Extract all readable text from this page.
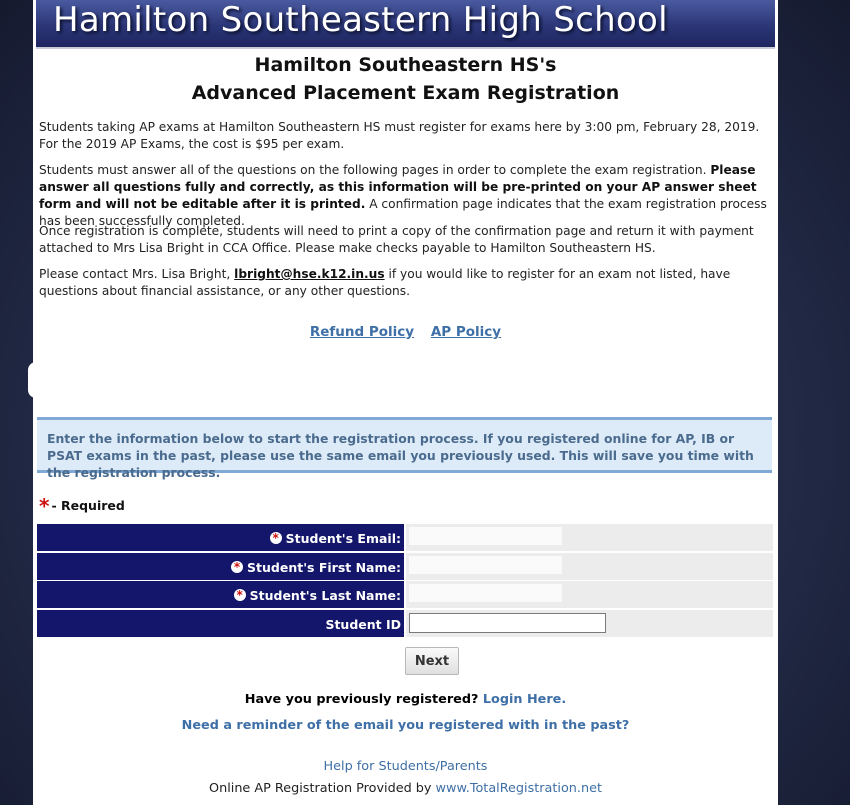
Hamilton Southeastern High School
Hamilton Southeastern HS's
Advanced Placement Exam Registration
Students taking AP exams at Hamilton Southeastern HS must register for exams here by 3:00 pm, February 28, 2019. For the 2019 AP Exams, the cost is $95 per exam.
Students must answer all of the questions on the following pages in order to complete the exam registration. Please answer all questions fully and correctly, as this information will be pre-printed on your AP answer sheet form and will not be editable after it is printed. A confirmation page indicates that the exam registration process has been successfully completed.
Once registration is complete, students will need to print a copy of the confirmation page and return it with payment attached to Mrs Lisa Bright in CCA Office. Please make checks payable to Hamilton Southeastern HS.
Please contact Mrs. Lisa Bright, lbright@hse.k12.in.us if you would like to register for an exam not listed, have questions about financial assistance, or any other questions.
Refund Policy AP Policy
Enter the information below to start the registration process. If you registered online for AP, IB or PSAT exams in the past, please use the same email you previously used. This will save you time with the registration process.
* - Required
* Student's Email:
* Student's First Name:
* Student's Last Name:
Student ID
Next
Have you previously registered? Login Here.
Need a reminder of the email you registered with in the past?
Help for Students/Parents
Online AP Registration Provided by www.TotalRegistration.net
